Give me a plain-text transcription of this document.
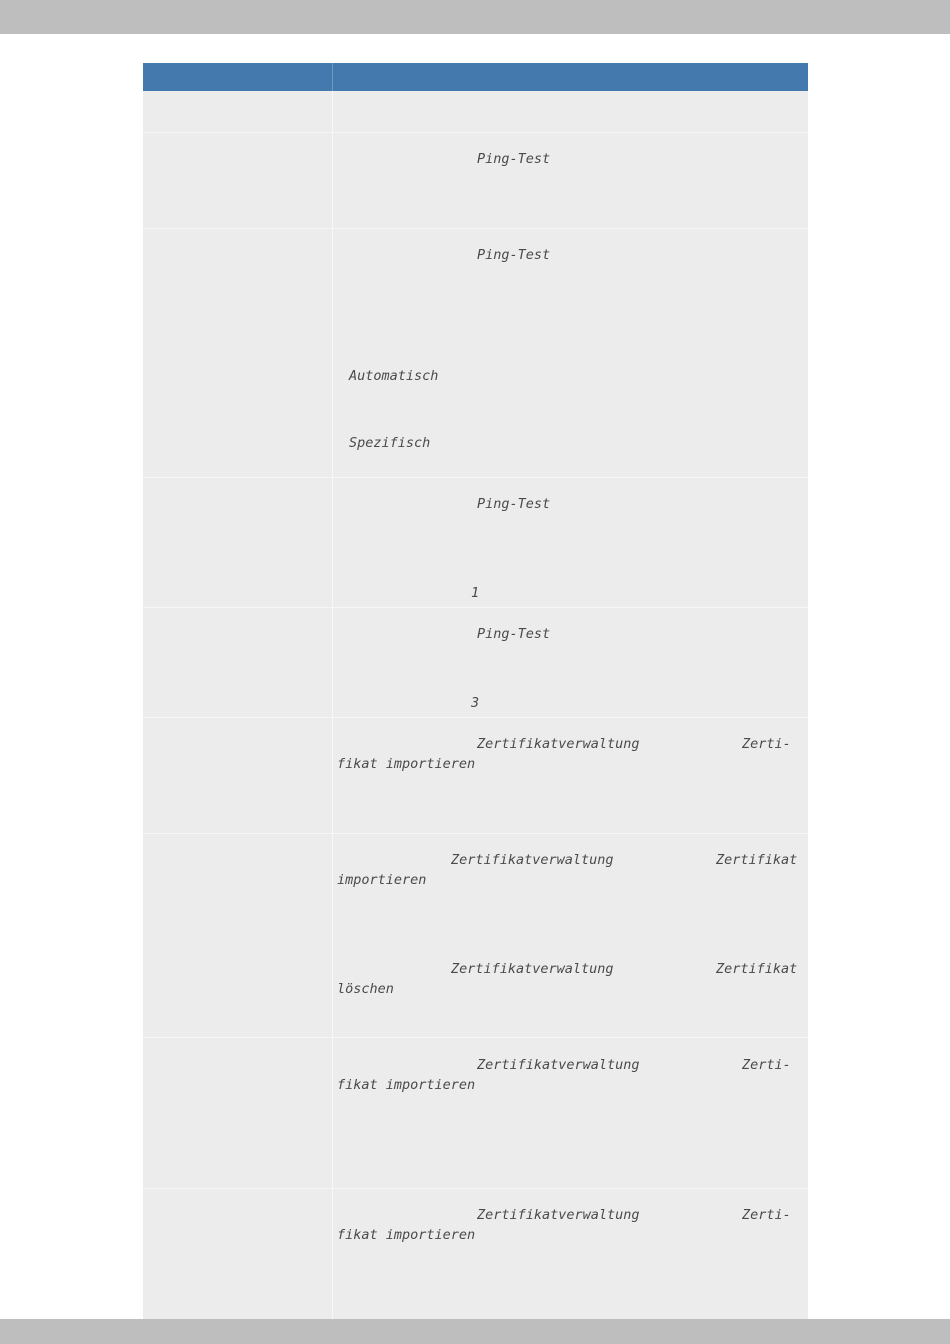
Ping-Test
Ping-Test
Automatisch
Spezifisch
Ping-Test
1
Ping-Test
3
Zertifikatverwaltung	Zerti-
fikat importieren
Zertifikatverwaltung	Zertifikat
importieren
Zertifikatverwaltung	Zertifikat
löschen
Zertifikatverwaltung	Zerti-
fikat importieren
Zertifikatverwaltung	Zerti-
fikat importieren
